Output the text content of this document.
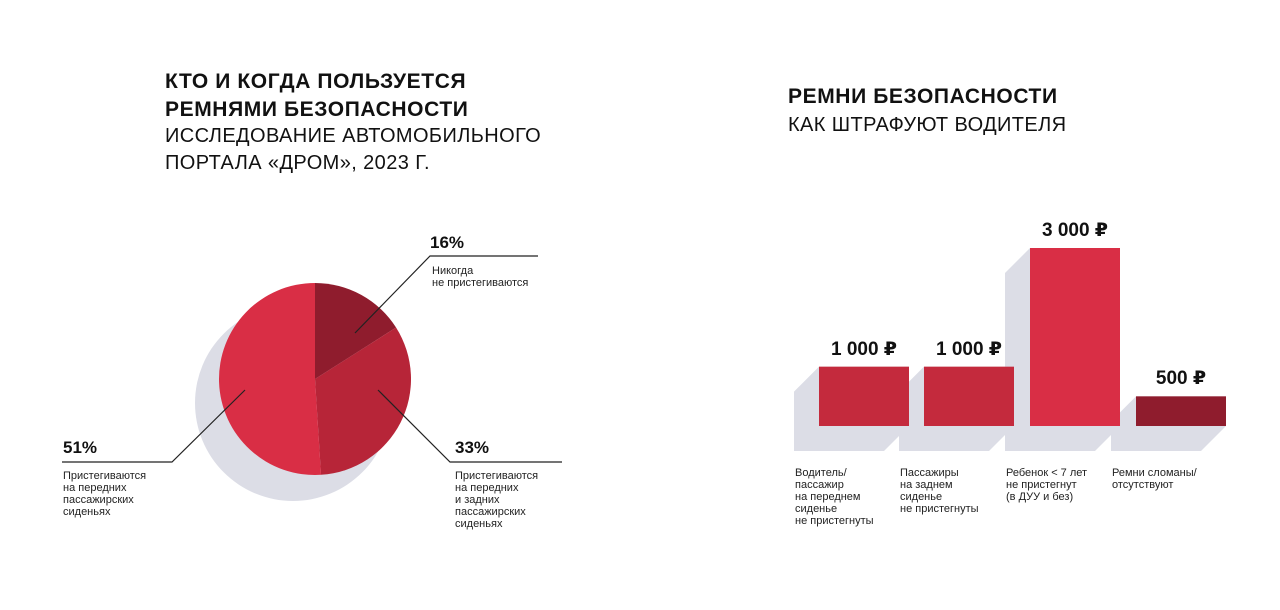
КТО И КОГДА ПОЛЬЗУЕТСЯ
РЕМНЯМИ БЕЗОПАСНОСТИ
ИССЛЕДОВАНИЕ АВТОМОБИЛЬНОГО
ПОРТАЛА «ДРОМ», 2023 Г.
16%
Никогда
не пристегиваются
33%
Пристегиваются
на передних
и задних
пассажирских
сиденьях
51%
Пристегиваются
на передних
пассажирских
сиденьях
РЕМНИ БЕЗОПАСНОСТИ
КАК ШТРАФУЮТ ВОДИТЕЛЯ
1 000 ₽	1 000 ₽
3 000 ₽
500 ₽
Водитель/
пассажир
на переднем
сиденье
не пристегнуты
Пассажиры
на заднем
сиденье
не пристегнуты
Ребенок < 7 лет
не пристегнут
(в ДУУ и без)
Ремни сломаны/
отсутствуют
